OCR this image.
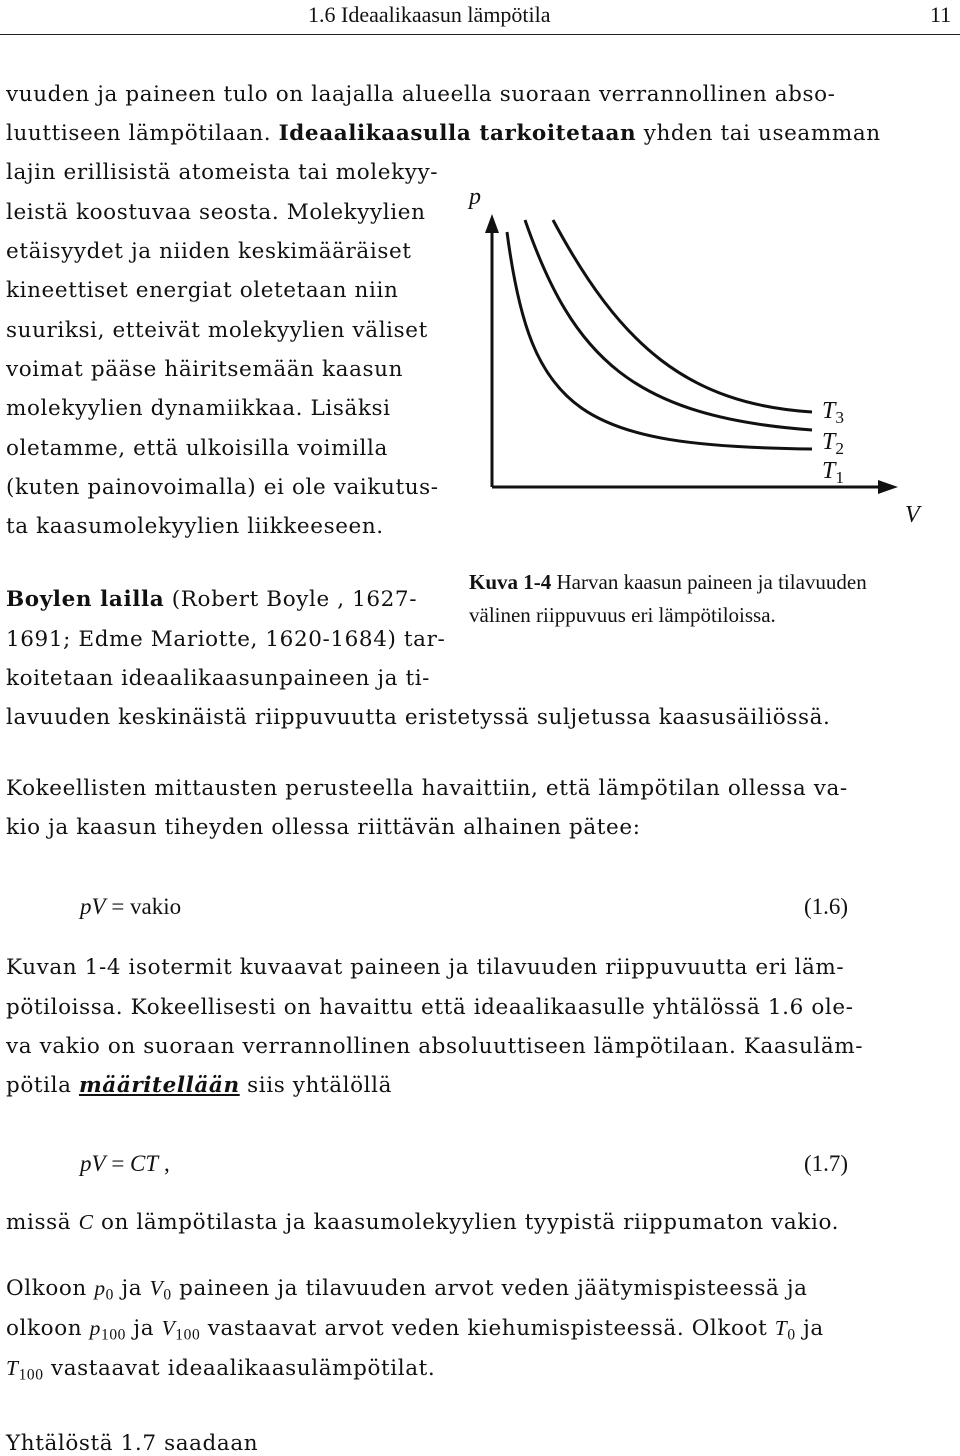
1.6 Ideaalikaasun lämpötila	11
vuuden ja paineen tulo on laajalla alueella suoraan verrannollinen abso-
luuttiseen lämpötilaan. Ideaalikaasulla tarkoitetaan yhden tai useamman
lajin erillisistä atomeista tai molekyy-
leistä koostuvaa seosta. Molekyylien
etäisyydet ja niiden keskimääräiset
kineettiset energiat oletetaan niin
suuriksi, etteivät molekyylien väliset
voimat pääse häiritsemään kaasun
molekyylien dynamiikkaa. Lisäksi
oletamme, että ulkoisilla voimilla
(kuten painovoimalla) ei ole vaikutus-
ta kaasumolekyylien liikkeeseen.
p
V
$T_3$
$T_2$
$T_1$
Kuva 1-4 Harvan kaasun paineen ja tilavuuden
välinen riippuvuus eri lämpötiloissa.
Boylen lailla (Robert Boyle , 1627-
1691; Edme Mariotte, 1620-1684) tar-
koitetaan ideaalikaasunpaineen ja ti-
lavuuden keskinäistä riippuvuutta eristetyssä suljetussa kaasusäiliössä.
Kokeellisten mittausten perusteella havaittiin, että lämpötilan ollessa va-
kio ja kaasun tiheyden ollessa riittävän alhainen pätee:
pV = vakio	(1.6)
Kuvan 1-4 isotermit kuvaavat paineen ja tilavuuden riippuvuutta eri läm-
pötiloissa. Kokeellisesti on havaittu että ideaalikaasulle yhtälössä 1.6 ole-
va vakio on suoraan verrannollinen absoluuttiseen lämpötilaan. Kaasuläm-
pötila määritellään siis yhtälöllä
pV = CT ,	(1.7)
missä C on lämpötilasta ja kaasumolekyylien tyypistä riippumaton vakio.
Olkoon $p_0$ ja $V_0$ paineen ja tilavuuden arvot veden jäätymispisteessä ja
olkoon $p_{100}$ ja $V_{100}$ vastaavat arvot veden kiehumispisteessä. Olkoot $T_0$ ja
$T_{100}$ vastaavat ideaalikaasulämpötilat.
Yhtälöstä 1.7 saadaan
